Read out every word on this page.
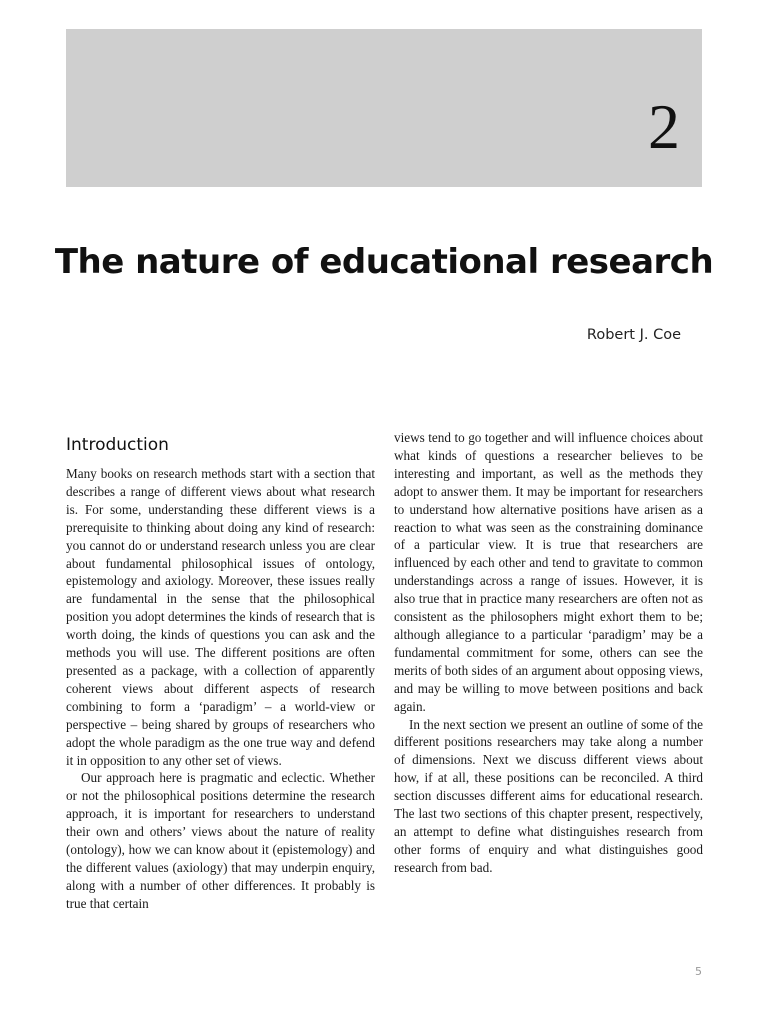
2
The nature of educational research
Robert J. Coe
Introduction

Many books on research methods start with a section that describes a range of different views about what research is. For some, understanding these different views is a prerequisite to thinking about doing any kind of research: you cannot do or understand research unless you are clear about fundamental philosophical issues of ontology, epistemology and axiology. Moreover, these issues really are fundamental in the sense that the philosophical position you adopt determines the kinds of research that is worth doing, the kinds of questions you can ask and the methods you will use. The different positions are often presented as a package, with a collection of apparently coherent views about different aspects of research combining to form a ‘paradigm’ – a world-view or perspective – being shared by groups of researchers who adopt the whole paradigm as the one true way and defend it in opposition to any other set of views.

Our approach here is pragmatic and eclectic. Whether or not the philosophical positions determine the research approach, it is important for researchers to understand their own and others’ views about the nature of reality (ontology), how we can know about it (epistemology) and the different values (axiology) that may underpin enquiry, along with a number of other differences. It probably is true that certain

views tend to go together and will influence choices about what kinds of questions a researcher believes to be interesting and important, as well as the methods they adopt to answer them. It may be important for researchers to understand how alternative positions have arisen as a reaction to what was seen as the constraining dominance of a particular view. It is true that researchers are influenced by each other and tend to gravitate to common understandings across a range of issues. However, it is also true that in practice many researchers are often not as consistent as the philosophers might exhort them to be; although allegiance to a particular ‘paradigm’ may be a fundamental commitment for some, others can see the merits of both sides of an argument about opposing views, and may be willing to move between positions and back again.

In the next section we present an outline of some of the different positions researchers may take along a number of dimensions. Next we discuss different views about how, if at all, these positions can be reconciled. A third section discusses different aims for educational research. The last two sections of this chapter present, respectively, an attempt to define what distinguishes research from other forms of enquiry and what distinguishes good research from bad.

5
